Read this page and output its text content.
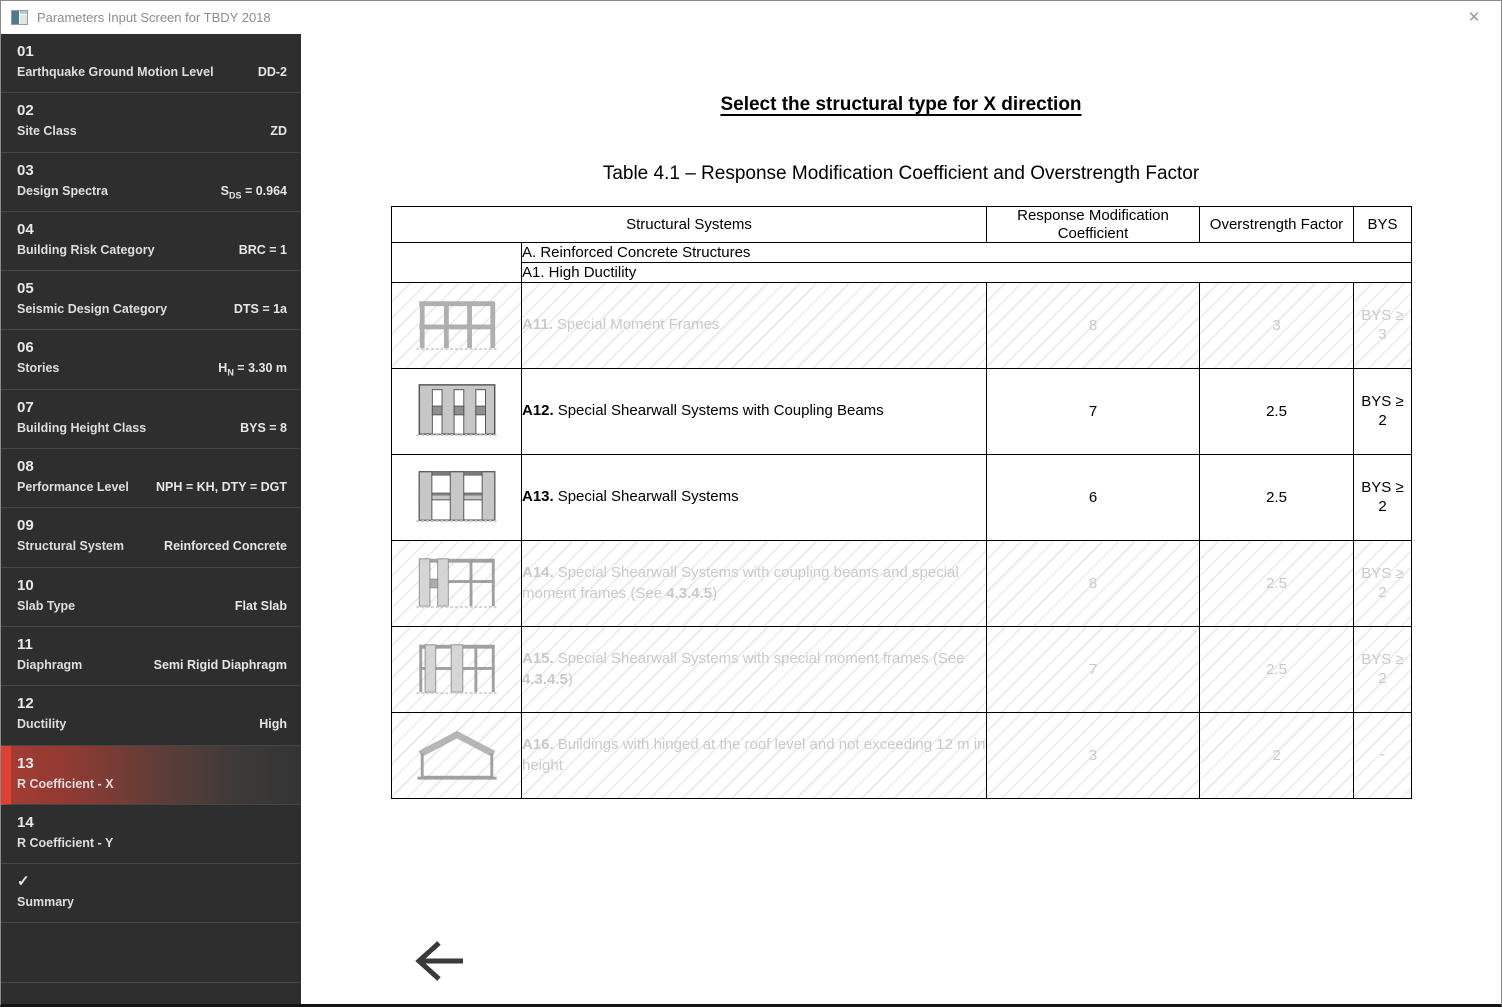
Parameters Input Screen for TBDY 2018	✕
01
Earthquake Ground Motion Level	DD-2
02
Site Class	ZD
03
Design Spectra	$S_{DS} = 0.964$
04
Building Risk Category	BRC = 1
05
Seismic Design Category	DTS = 1a
06
Stories	$H_N = 3.30$ m
07
Building Height Class	BYS = 8
08
Performance Level NPH = KH, DTY = DGT
09
Structural System	Reinforced Concrete
10
Slab Type	Flat Slab
11
Diaphragm	Semi Rigid Diaphragm
12
Ductility	High
13
R Coefficient - X
14
R Coefficient - Y
✓
Summary
Select the structural type for X direction
Table 4.1 – Response Modification Coefficient and Overstrength Factor
Structural Systems		Response Modification Coefficient	Overstrength Factor	BYS
	A. Reinforced Concrete Structures			
	A1. High Ductility			
	A11. Special Moment Frames	8	3	BYS ≥
3
	A12. Special Shearwall Systems with Coupling Beams	7	2.5	BYS ≥
2
	A13. Special Shearwall Systems	6	2.5	BYS ≥
2
	A14. Special Shearwall Systems with coupling beams and special moment frames (See 4.3.4.5)	8	2.5	BYS ≥
2
	A15. Special Shearwall Systems with special moment frames (See 4.3.4.5)	7	2.5	BYS ≥
2
	A16. Buildings with hinged at the roof level and not exceeding 12 m in height	3	2	-
